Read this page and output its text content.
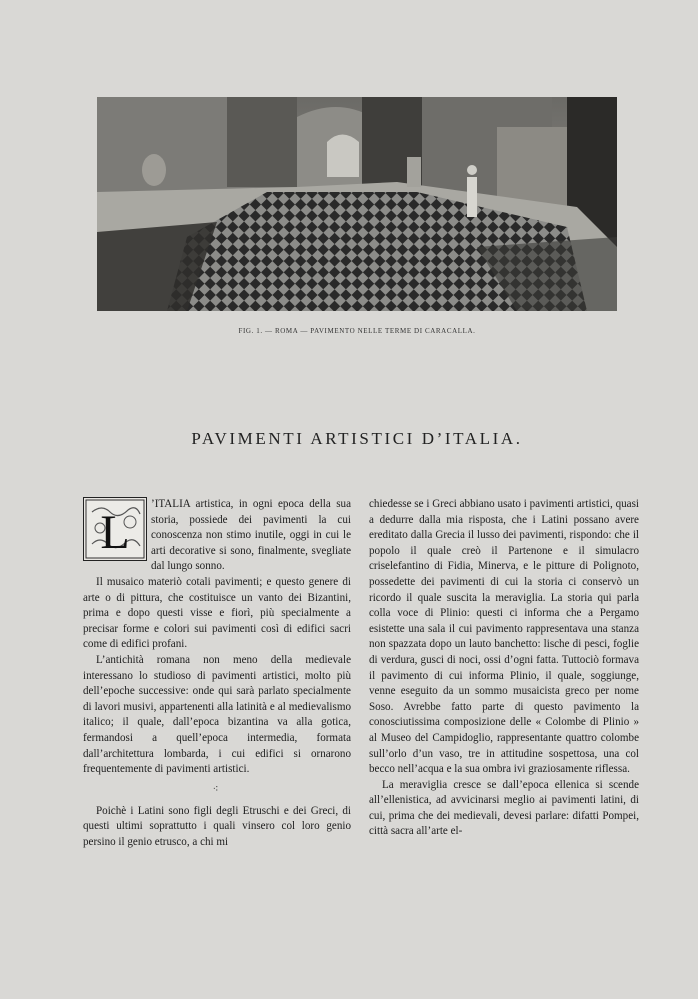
FIG. 1. — ROMA — PAVIMENTO NELLE TERME DI CARACALLA.
PAVIMENTI ARTISTICI D’ITALIA.

L
’ITALIA artistica, in ogni epoca della sua storia, possiede dei pavimenti la cui conoscenza non stimo inutile, oggi in cui le arti decorative si sono, finalmente, svegliate dal lungo sonno.

Il musaico materiò cotali pavimenti; e questo genere di arte o di pittura, che costituisce un vanto dei Bizantini, prima e dopo questi visse e fiorì, più specialmente a precisar forme e colori sui pavimenti così di edifici sacri come di edifici profani.

L’antichità romana non meno della medievale interessano lo studioso di pavimenti artistici, molto più dell’epoche successive: onde qui sarà parlato specialmente di lavori musivi, appartenenti alla latinità e al medievalismo italico; il quale, dall’epoca bizantina va alla gotica, fermandosi a quell’epoca intermedia, formata dall’architettura lombarda, i cui edifici si ornarono frequentemente di pavimenti artistici.

⁖

Poichè i Latini sono figli degli Etruschi e dei Greci, di questi ultimi soprattutto i quali vinsero col loro genio persino il genio etrusco, a chi mi

chiedesse se i Greci abbiano usato i pavimenti artistici, quasi a dedurre dalla mia risposta, che i Latini possano avere ereditato dalla Grecia il lusso dei pavimenti, rispondo: che il popolo il quale creò il Partenone e il simulacro criselefantino di Fidia, Minerva, e le pitture di Polignoto, possedette dei pavimenti di cui la storia ci conservò un ricordo il quale suscita la meraviglia. La storia qui parla colla voce di Plinio: questi ci informa che a Pergamo esistette una sala il cui pavimento rappresentava una stanza non spazzata dopo un lauto banchetto: lische di pesci, foglie di verdura, gusci di noci, ossi d’ogni fatta. Tuttociò formava il pavimento di cui informa Plinio, il quale, soggiunge, venne eseguito da un sommo musaicista greco per nome Soso. Avrebbe fatto parte di questo pavimento la conosciutissima composizione delle « Colombe di Plinio » al Museo del Campidoglio, rappresentante quattro colombe sull’orlo d’un vaso, tre in attitudine sospettosa, una col becco nell’acqua e la sua ombra ivi graziosamente riflessa.

La meraviglia cresce se dall’epoca ellenica si scende all’ellenistica, ad avvicinarsi meglio ai pavimenti latini, di cui, prima che dei medievali, devesi parlare: difatti Pompei, città sacra all’arte el-
